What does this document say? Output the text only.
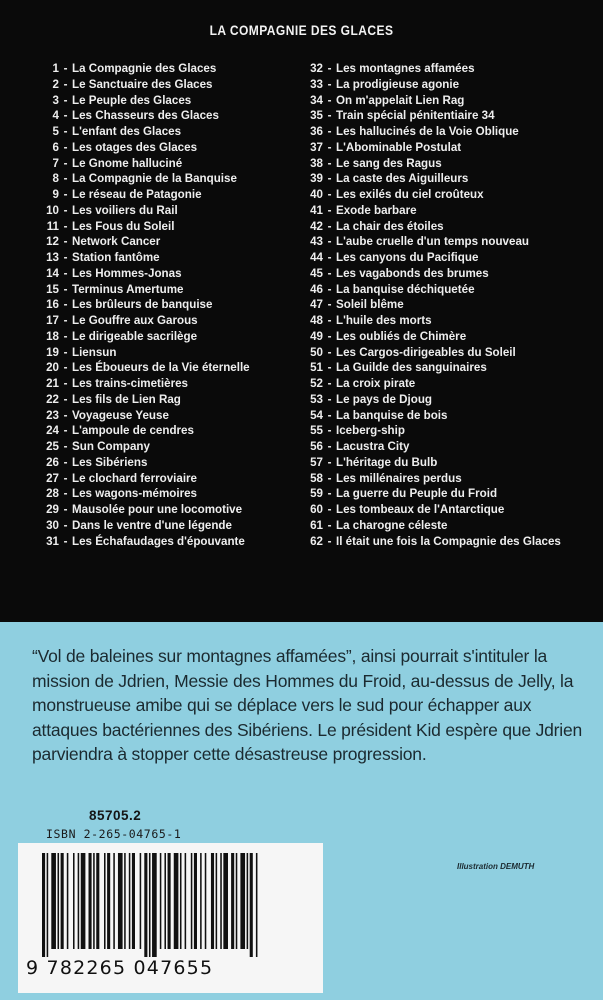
LA COMPAGNIE DES GLACES
1 - La Compagnie des Glaces
2 - Le Sanctuaire des Glaces
3 - Le Peuple des Glaces
4 - Les Chasseurs des Glaces
5 - L'enfant des Glaces
6 - Les otages des Glaces
7 - Le Gnome halluciné
8 - La Compagnie de la Banquise
9 - Le réseau de Patagonie
10 - Les voiliers du Rail
11 - Les Fous du Soleil
12 - Network Cancer
13 - Station fantôme
14 - Les Hommes-Jonas
15 - Terminus Amertume
16 - Les brûleurs de banquise
17 - Le Gouffre aux Garous
18 - Le dirigeable sacrilège
19 - Liensun
20 - Les Éboueurs de la Vie éternelle
21 - Les trains-cimetières
22 - Les fils de Lien Rag
23 - Voyageuse Yeuse
24 - L'ampoule de cendres
25 - Sun Company
26 - Les Sibériens
27 - Le clochard ferroviaire
28 - Les wagons-mémoires
29 - Mausolée pour une locomotive
30 - Dans le ventre d'une légende
31 - Les Échafaudages d'épouvante
32 - Les montagnes affamées
33 - La prodigieuse agonie
34 - On m'appelait Lien Rag
35 - Train spécial pénitentiaire 34
36 - Les hallucinés de la Voie Oblique
37 - L'Abominable Postulat
38 - Le sang des Ragus
39 - La caste des Aiguilleurs
40 - Les exilés du ciel croûteux
41 - Exode barbare
42 - La chair des étoiles
43 - L'aube cruelle d'un temps nouveau
44 - Les canyons du Pacifique
45 - Les vagabonds des brumes
46 - La banquise déchiquetée
47 - Soleil blême
48 - L'huile des morts
49 - Les oubliés de Chimère
50 - Les Cargos-dirigeables du Soleil
51 - La Guilde des sanguinaires
52 - La croix pirate
53 - Le pays de Djoug
54 - La banquise de bois
55 - Iceberg-ship
56 - Lacustra City
57 - L'héritage du Bulb
58 - Les millénaires perdus
59 - La guerre du Peuple du Froid
60 - Les tombeaux de l'Antarctique
61 - La charogne céleste
62 - Il était une fois la Compagnie des Glaces

“Vol de baleines sur montagnes affamées”, ainsi pourrait s'intituler la mission de Jdrien, Messie des Hommes du Froid, au-dessus de Jelly, la monstrueuse amibe qui se déplace vers le sud pour échapper aux attaques bactériennes des Sibériens. Le président Kid espère que Jdrien parviendra à stopper cette désastreuse progression.

85705.2
ISBN 2-265-04765-1
9 782265 047655
Illustration DEMUTH
